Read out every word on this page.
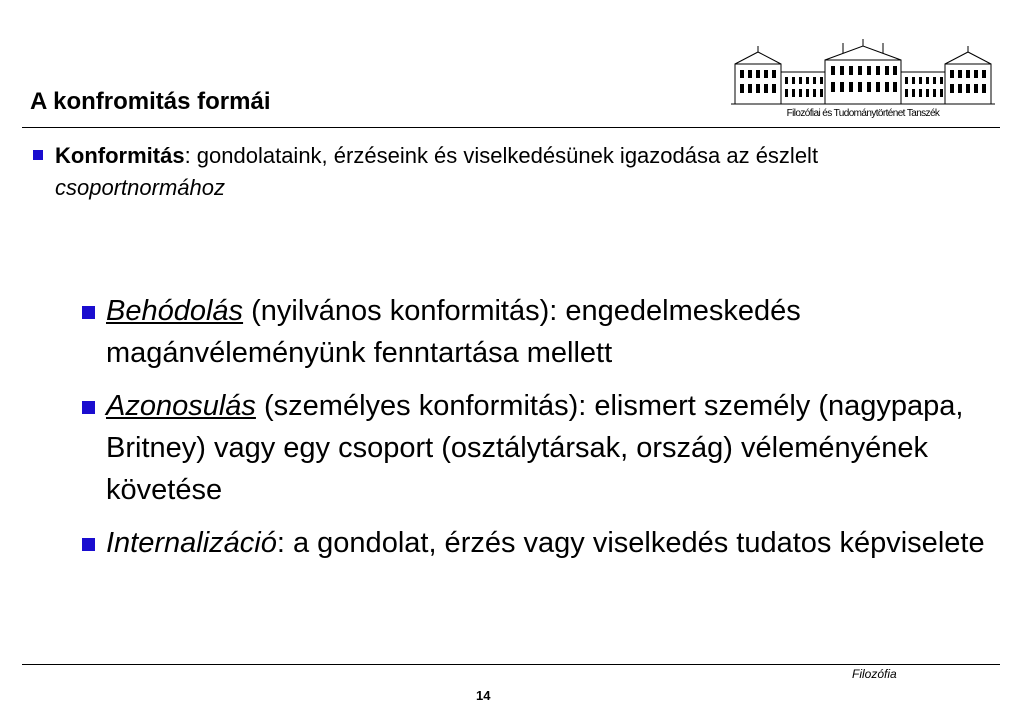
A konfromitás formái	Filozófiai és Tudománytörténet Tanszék
Konformitás: gondolataink, érzéseink és viselkedésünek igazodása az észlelt csoportnormához
Behódolás (nyilvános konformitás): engedelmeskedés magánvéleményünk fenntartása mellett
Azonosulás (személyes konformitás): elismert személy (nagypapa, Britney) vagy egy csoport (osztálytársak, ország) véleményének követése
Internalizáció: a gondolat, érzés vagy viselkedés tudatos képviselete
Filozófia
14
